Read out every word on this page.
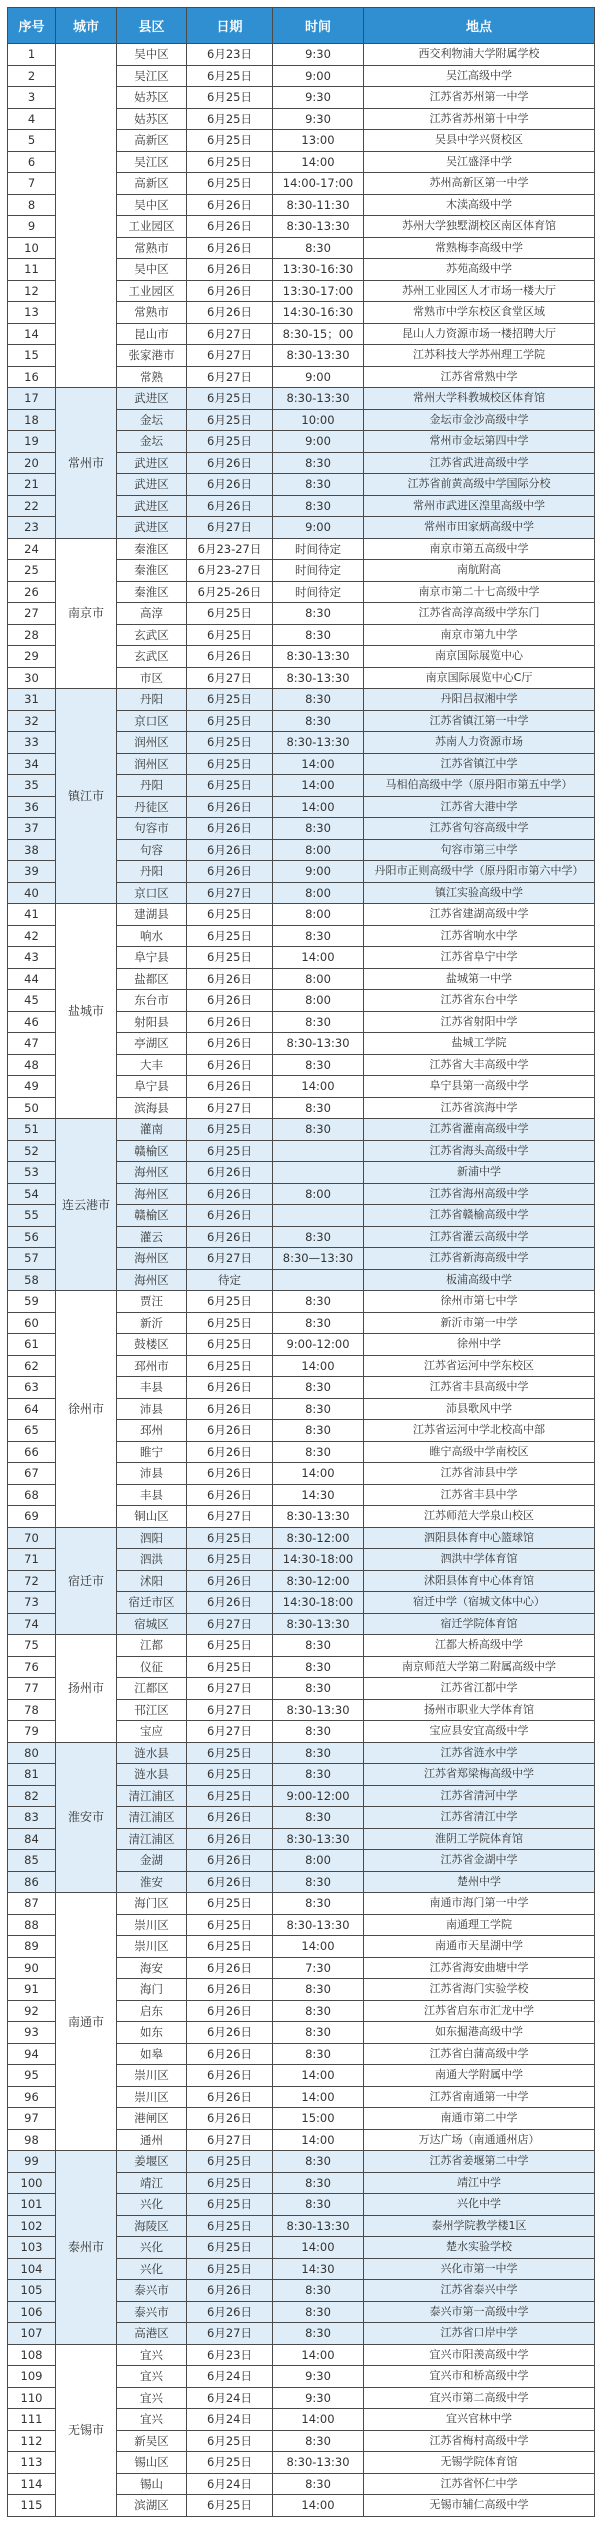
序号	城市	县区	日期	时间	地点
1		吴中区	6月23日	9:30	西交利物浦大学附属学校
2		吴江区	6月25日	9:00	吴江高级中学
3		姑苏区	6月25日	9:30	江苏省苏州第一中学
4		姑苏区	6月25日	9:30	江苏省苏州第十中学
5		高新区	6月25日	13:00	吴县中学兴贤校区
6		吴江区	6月25日	14:00	吴江盛泽中学
7		高新区	6月25日	14:00-17:00	苏州高新区第一中学
8		吴中区	6月26日	8:30-11:30	木渎高级中学
9		工业园区	6月26日	8:30-13:30	苏州大学独墅湖校区南区体育馆
10		常熟市	6月26日	8:30	常熟梅李高级中学
11		吴中区	6月26日	13:30-16:30	苏苑高级中学
12		工业园区	6月26日	13:30-17:00	苏州工业园区人才市场一楼大厅
13		常熟市	6月26日	14:30-16:30	常熟市中学东校区食堂区域
14		昆山市	6月27日	8:30-15；00	昆山人力资源市场一楼招聘大厅
15		张家港市	6月27日	8:30-13:30	江苏科技大学苏州理工学院
16		常熟	6月27日	9:00	江苏省常熟中学
17	常州市	武进区	6月25日	8:30-13:30	常州大学科教城校区体育馆
18		金坛	6月25日	10:00	金坛市金沙高级中学
19		金坛	6月25日	9:00	常州市金坛第四中学
20		武进区	6月26日	8:30	江苏省武进高级中学
21		武进区	6月26日	8:30	江苏省前黄高级中学国际分校
22		武进区	6月26日	8:30	常州市武进区湟里高级中学
23		武进区	6月27日	9:00	常州市田家炳高级中学
24	南京市	秦淮区	6月23-27日	时间待定	南京市第五高级中学
25		秦淮区	6月23-27日	时间待定	南航附高
26		秦淮区	6月25-26日	时间待定	南京市第二十七高级中学
27		高淳	6月25日	8:30	江苏省高淳高级中学东门
28		玄武区	6月25日	8:30	南京市第九中学
29		玄武区	6月26日	8:30-13:30	南京国际展览中心
30		市区	6月27日	8:30-13:30	南京国际展览中心C厅
31	镇江市	丹阳	6月25日	8:30	丹阳吕叔湘中学
32		京口区	6月25日	8:30	江苏省镇江第一中学
33		润州区	6月25日	8:30-13:30	苏南人力资源市场
34		润州区	6月25日	14:00	江苏省镇江中学
35		丹阳	6月25日	14:00	马相伯高级中学（原丹阳市第五中学）
36		丹徒区	6月26日	14:00	江苏省大港中学
37		句容市	6月26日	8:30	江苏省句容高级中学
38		句容	6月26日	8:00	句容市第三中学
39		丹阳	6月26日	9:00	丹阳市正则高级中学（原丹阳市第六中学）
40		京口区	6月27日	8:00	镇江实验高级中学
41	盐城市	建湖县	6月25日	8:00	江苏省建湖高级中学
42		响水	6月25日	8:30	江苏省响水中学
43		阜宁县	6月25日	14:00	江苏省阜宁中学
44		盐都区	6月26日	8:00	盐城第一中学
45		东台市	6月26日	8:00	江苏省东台中学
46		射阳县	6月26日	8:30	江苏省射阳中学
47		亭湖区	6月26日	8:30-13:30	盐城工学院
48		大丰	6月26日	8:30	江苏省大丰高级中学
49		阜宁县	6月26日	14:00	阜宁县第一高级中学
50		滨海县	6月27日	8:30	江苏省滨海中学
51	连云港市	灌南	6月25日	8:30	江苏省灌南高级中学
52		赣榆区	6月25日		江苏省海头高级中学
53		海州区	6月26日		新浦中学
54		海州区	6月26日	8:00	江苏省海州高级中学
55		赣榆区	6月26日		江苏省赣榆高级中学
56		灌云	6月26日	8:30	江苏省灌云高级中学
57		海州区	6月27日	8:30—13:30	江苏省新海高级中学
58		海州区	待定		板浦高级中学
59	徐州市	贾汪	6月25日	8:30	徐州市第七中学
60		新沂	6月25日	8:30	新沂市第一中学
61		鼓楼区	6月25日	9:00-12:00	徐州中学
62		邳州市	6月25日	14:00	江苏省运河中学东校区
63		丰县	6月26日	8:30	江苏省丰县高级中学
64		沛县	6月26日	8:30	沛县歌风中学
65		邳州	6月26日	8:30	江苏省运河中学北校高中部
66		睢宁	6月26日	8:30	睢宁高级中学南校区
67		沛县	6月26日	14:00	江苏省沛县中学
68		丰县	6月26日	14:30	江苏省丰县中学
69		铜山区	6月27日	8:30-13:30	江苏师范大学泉山校区
70	宿迁市	泗阳	6月25日	8:30-12:00	泗阳县体育中心篮球馆
71		泗洪	6月25日	14:30-18:00	泗洪中学体育馆
72		沭阳	6月26日	8:30-12:00	沭阳县体育中心体育馆
73		宿迁市区	6月26日	14:30-18:00	宿迁中学（宿城文体中心）
74		宿城区	6月27日	8:30-13:30	宿迁学院体育馆
75	扬州市	江都	6月25日	8:30	江都大桥高级中学
76		仪征	6月25日	8:30	南京师范大学第二附属高级中学
77		江都区	6月27日	8:30	江苏省江都中学
78		邗江区	6月27日	8:30-13:30	扬州市职业大学体育馆
79		宝应	6月27日	8:30	宝应县安宜高级中学
80	淮安市	涟水县	6月25日	8:30	江苏省涟水中学
81		涟水县	6月25日	8:30	江苏省郑梁梅高级中学
82		清江浦区	6月25日	9:00-12:00	江苏省清河中学
83		清江浦区	6月26日	8:30	江苏省清江中学
84		清江浦区	6月26日	8:30-13:30	淮阴工学院体育馆
85		金湖	6月26日	8:00	江苏省金湖中学
86		淮安	6月26日	8:30	楚州中学
87	南通市	海门区	6月25日	8:30	南通市海门第一中学
88		崇川区	6月25日	8:30-13:30	南通理工学院
89		崇川区	6月25日	14:00	南通市天星湖中学
90		海安	6月26日	7:30	江苏省海安曲塘中学
91		海门	6月26日	8:30	江苏省海门实验学校
92		启东	6月26日	8:30	江苏省启东市汇龙中学
93		如东	6月26日	8:30	如东掘港高级中学
94		如皋	6月26日	8:30	江苏省白蒲高级中学
95		崇川区	6月26日	14:00	南通大学附属中学
96		崇川区	6月26日	14:00	江苏省南通第一中学
97		港闸区	6月26日	15:00	南通市第二中学
98		通州	6月27日	14:00	万达广场（南通通州店）
99	泰州市	姜堰区	6月25日	8:30	江苏省姜堰第二中学
100		靖江	6月25日	8:30	靖江中学
101		兴化	6月25日	8:30	兴化中学
102		海陵区	6月25日	8:30-13:30	泰州学院教学楼1区
103		兴化	6月25日	14:00	楚水实验学校
104		兴化	6月25日	14:30	兴化市第一中学
105		泰兴市	6月26日	8:30	江苏省泰兴中学
106		泰兴市	6月26日	8:30	泰兴市第一高级中学
107		高港区	6月27日	8:30	江苏省口岸中学
108	无锡市	宜兴	6月23日	14:00	宜兴市阳羡高级中学
109		宜兴	6月24日	9:30	宜兴市和桥高级中学
110		宜兴	6月24日	9:30	宜兴市第二高级中学
111		宜兴	6月24日	14:00	宜兴官林中学
112		新吴区	6月25日	8:30	江苏省梅村高级中学
113		锡山区	6月25日	8:30-13:30	无锡学院体育馆
114		锡山	6月24日	8:30	江苏省怀仁中学
115		滨湖区	6月25日	14:00	无锡市辅仁高级中学
